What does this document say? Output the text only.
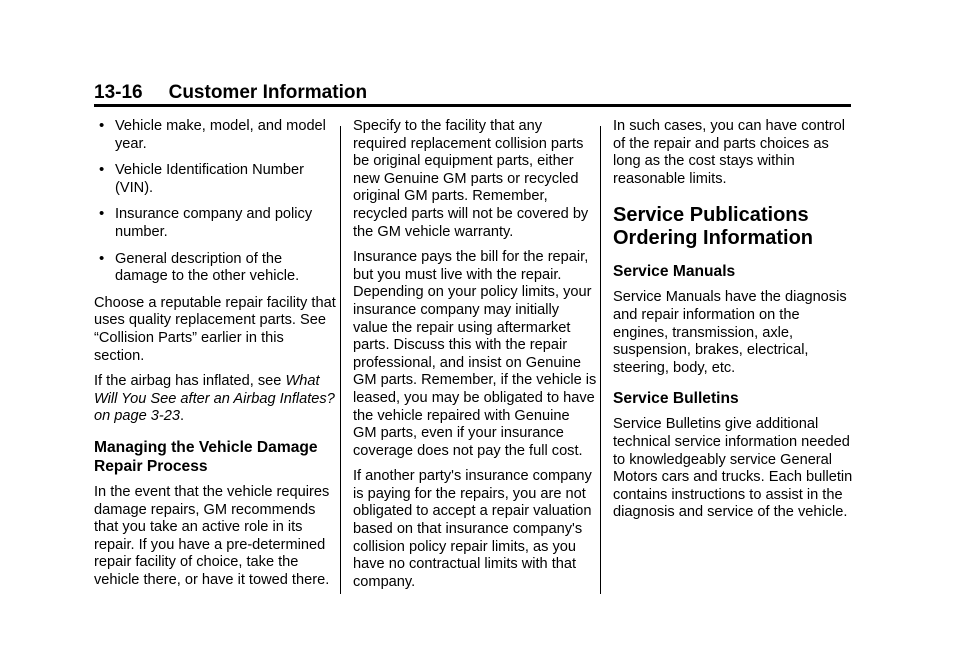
13-16 Customer Information
• Vehicle make, model, and model year.
• Vehicle Identification Number (VIN).
• Insurance company and policy number.
• General description of the damage to the other vehicle.

Choose a reputable repair facility that uses quality replacement parts. See “Collision Parts” earlier in this section.

If the airbag has inflated, see What Will You See after an Airbag Inflates? on page 3-23.

Managing the Vehicle Damage Repair Process

In the event that the vehicle requires damage repairs, GM recommends that you take an active role in its repair. If you have a pre-determined repair facility of choice, take the vehicle there, or have it towed there.

Specify to the facility that any required replacement collision parts be original equipment parts, either new Genuine GM parts or recycled original GM parts. Remember, recycled parts will not be covered by the GM vehicle warranty.

Insurance pays the bill for the repair, but you must live with the repair. Depending on your policy limits, your insurance company may initially value the repair using aftermarket parts. Discuss this with the repair professional, and insist on Genuine GM parts. Remember, if the vehicle is leased, you may be obligated to have the vehicle repaired with Genuine GM parts, even if your insurance coverage does not pay the full cost.

If another party's insurance company is paying for the repairs, you are not obligated to accept a repair valuation based on that insurance company's collision policy repair limits, as you have no contractual limits with that company.

In such cases, you can have control of the repair and parts choices as long as the cost stays within reasonable limits.

Service Publications Ordering Information
Service Manuals

Service Manuals have the diagnosis and repair information on the engines, transmission, axle, suspension, brakes, electrical, steering, body, etc.

Service Bulletins

Service Bulletins give additional technical service information needed to knowledgeably service General Motors cars and trucks. Each bulletin contains instructions to assist in the diagnosis and service of the vehicle.
